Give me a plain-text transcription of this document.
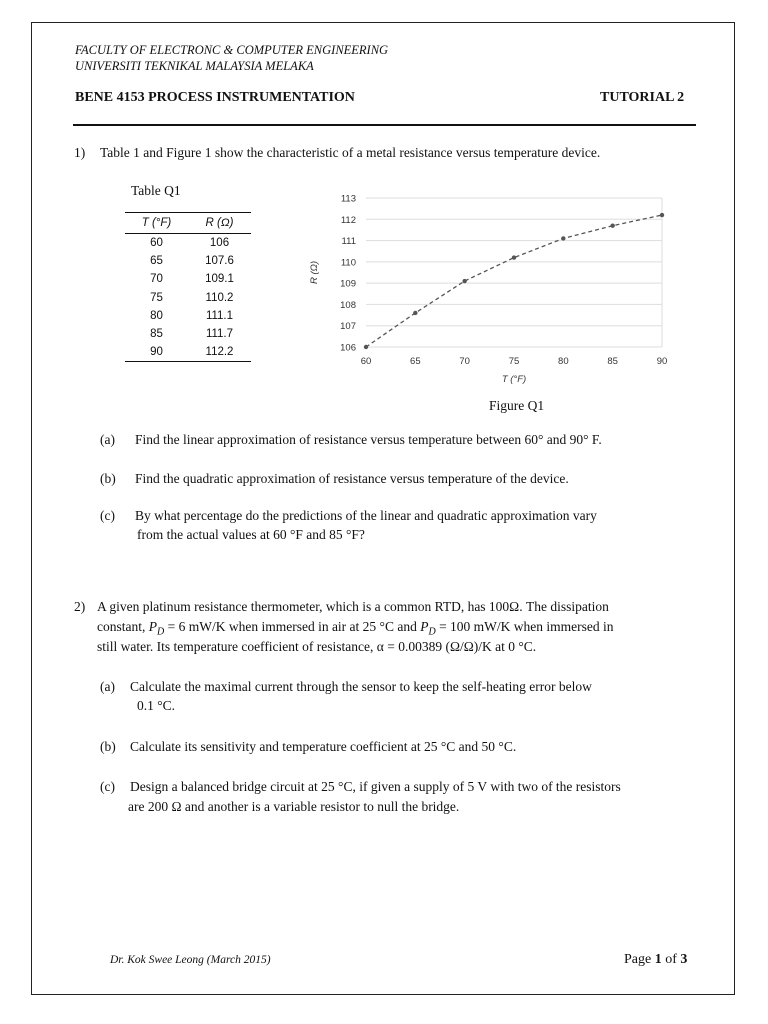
FACULTY OF ELECTRONC & COMPUTER ENGINEERING
UNIVERSITI TEKNIKAL MALAYSIA MELAKA
BENE 4153 PROCESS INSTRUMENTATION	TUTORIAL 2
1) Table 1 and Figure 1 show the characteristic of a metal resistance versus temperature device.
Table Q1
T (°F)	R (Ω)
60	106
65	107.6
70	109.1
75	110.2
80	111.1
85	111.7
90	112.2	106
107
108
109
110
111
112
113
60	65	70	75	80	85	90
T (°F)
R (Ω)
Figure Q1
(a) Find the linear approximation of resistance versus temperature between 60° and 90° F.
(b) Find the quadratic approximation of resistance versus temperature of the device.
(c) By what percentage do the predictions of the linear and quadratic approximation vary
from the actual values at 60 °F and 85 °F?
2) A given platinum resistance thermometer, which is a common RTD, has 100Ω. The dissipation
constant, $P_D = 6$ mW/K when immersed in air at 25 °C and $P_D = 100$ mW/K when immersed in
still water. Its temperature coefficient of resistance, α = 0.00389 (Ω/Ω)/K at 0 °C.
(a) Calculate the maximal current through the sensor to keep the self-heating error below
0.1 °C.
(b) Calculate its sensitivity and temperature coefficient at 25 °C and 50 °C.
(c) Design a balanced bridge circuit at 25 °C, if given a supply of 5 V with two of the resistors
are 200 Ω and another is a variable resistor to null the bridge.
Dr. Kok Swee Leong (March 2015)	Page 1 of 3
